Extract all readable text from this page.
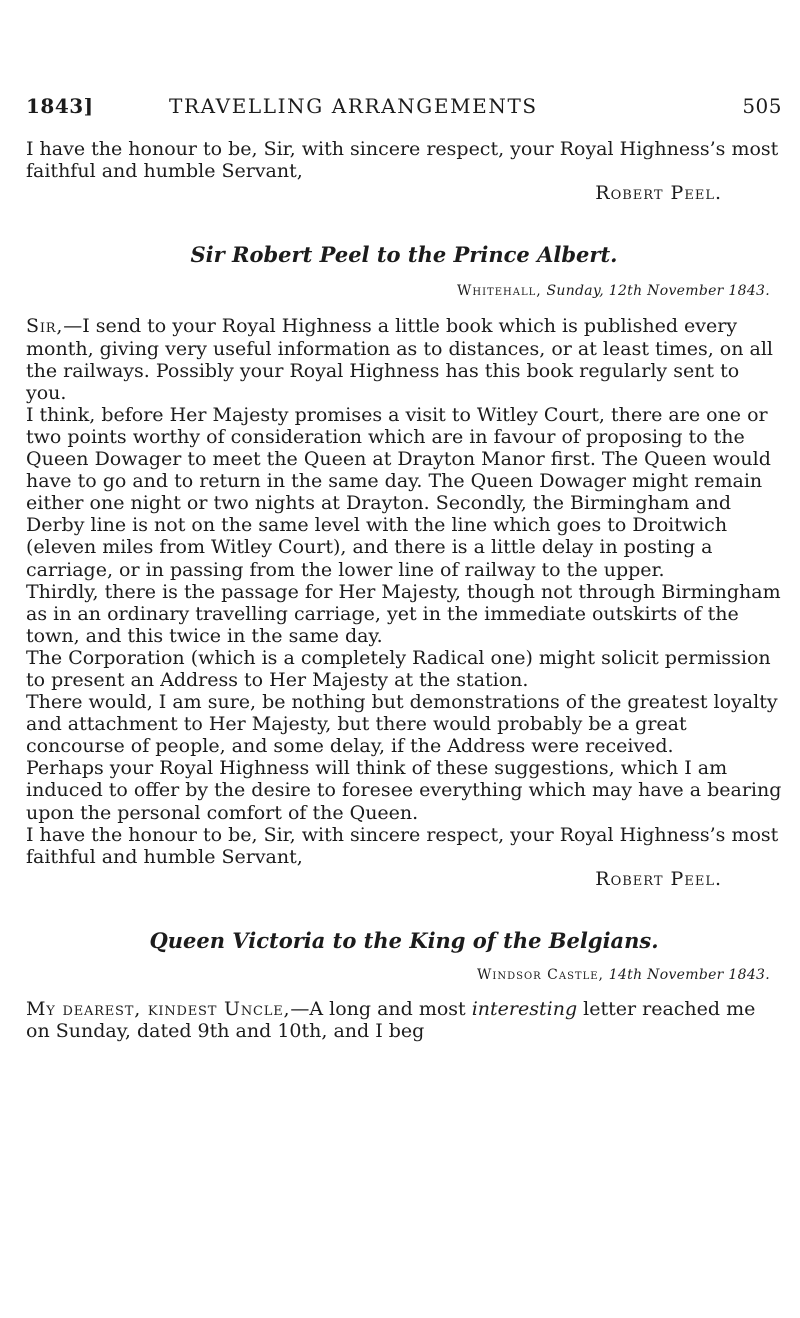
1843]	TRAVELLING ARRANGEMENTS	505

I have the honour to be, Sir, with sincere respect, your Royal Highness’s most faithful and humble Servant,

Robert Peel.

Sir Robert Peel to the Prince Albert.

Whitehall, Sunday, 12th November 1843.

Sir,—I send to your Royal Highness a little book which is published every month, giving very useful information as to distances, or at least times, on all the railways. Possibly your Royal Highness has this book regularly sent to you.

I think, before Her Majesty promises a visit to Witley Court, there are one or two points worthy of consideration which are in favour of proposing to the Queen Dowager to meet the Queen at Drayton Manor first. The Queen would have to go and to return in the same day. The Queen Dowager might remain either one night or two nights at Drayton. Secondly, the Birmingham and Derby line is not on the same level with the line which goes to Droitwich (eleven miles from Witley Court), and there is a little delay in posting a carriage, or in passing from the lower line of railway to the upper.

Thirdly, there is the passage for Her Majesty, though not through Birmingham as in an ordinary travelling carriage, yet in the immediate outskirts of the town, and this twice in the same day.

The Corporation (which is a completely Radical one) might solicit permission to present an Address to Her Majesty at the station.

There would, I am sure, be nothing but demonstrations of the greatest loyalty and attachment to Her Majesty, but there would probably be a great concourse of people, and some delay, if the Address were received.

Perhaps your Royal Highness will think of these suggestions, which I am induced to offer by the desire to foresee everything which may have a bearing upon the personal comfort of the Queen.

I have the honour to be, Sir, with sincere respect, your Royal Highness’s most faithful and humble Servant,

Robert Peel.

Queen Victoria to the King of the Belgians.

Windsor Castle, 14th November 1843.

My dearest, kindest Uncle,—A long and most interesting letter reached me on Sunday, dated 9th and 10th, and I beg
